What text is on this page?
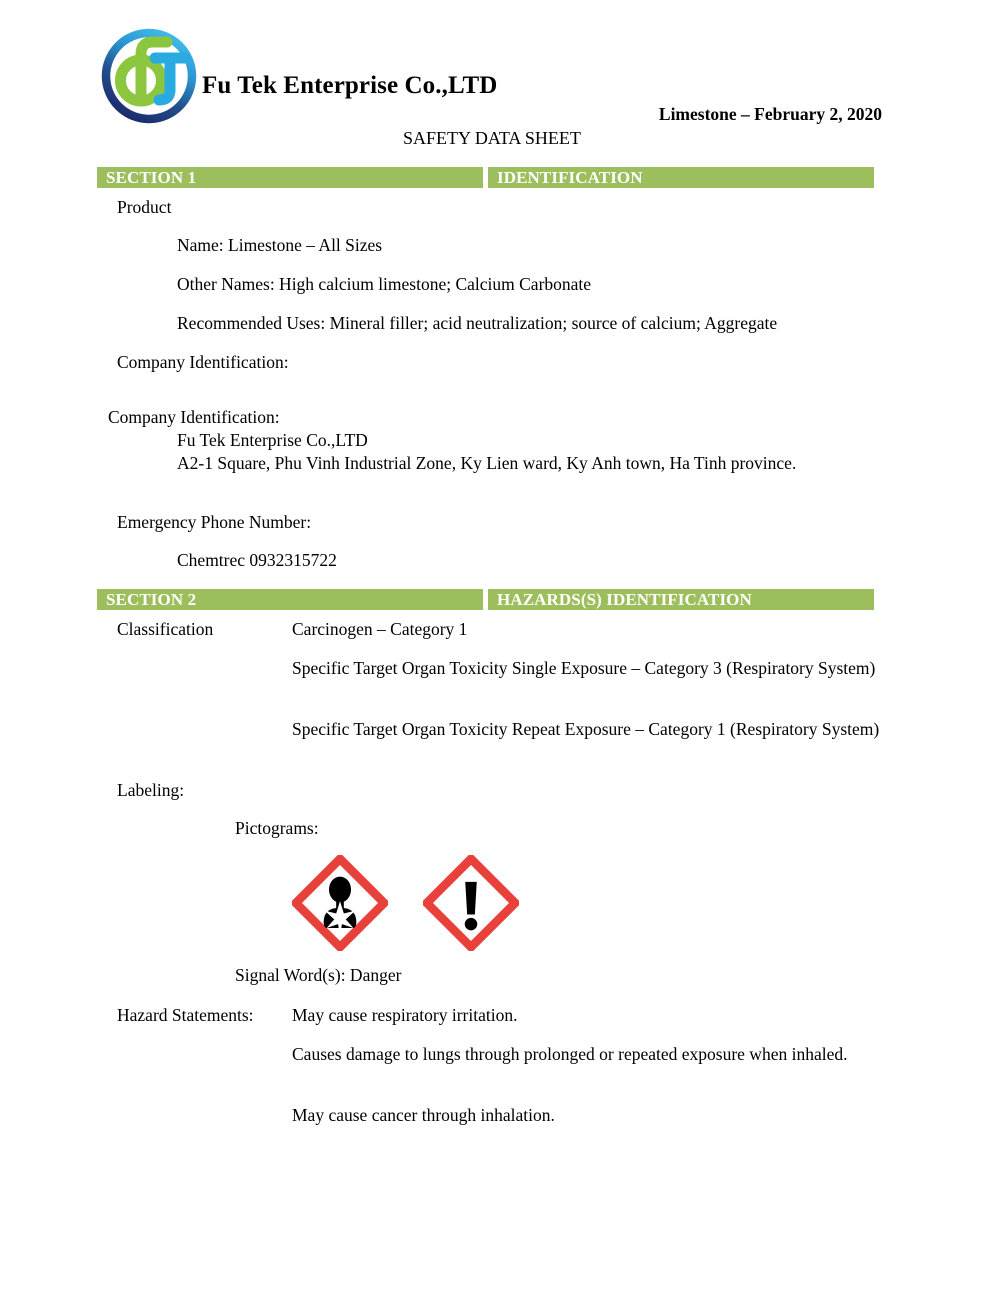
Fu Tek Enterprise Co.,LTD
Limestone – February 2, 2020
SAFETY DATA SHEET
SECTION 1	IDENTIFICATION
Product
Name: Limestone – All Sizes
Other Names: High calcium limestone; Calcium Carbonate
Recommended Uses: Mineral filler; acid neutralization; source of calcium; Aggregate
Company Identification:
Company Identification:
Fu Tek Enterprise Co.,LTD
A2-1 Square, Phu Vinh Industrial Zone, Ky Lien ward, Ky Anh town, Ha Tinh province.
Emergency Phone Number:
Chemtrec 0932315722
SECTION 2	HAZARDS(S) IDENTIFICATION
Classification	Carcinogen – Category 1
Specific Target Organ Toxicity Single Exposure – Category 3 (Respiratory System)
Specific Target Organ Toxicity Repeat Exposure – Category 1 (Respiratory System)
Labeling:
Pictograms:
Signal Word(s): Danger
Hazard Statements: May cause respiratory irritation.
Causes damage to lungs through prolonged or repeated exposure when inhaled.
May cause cancer through inhalation.
